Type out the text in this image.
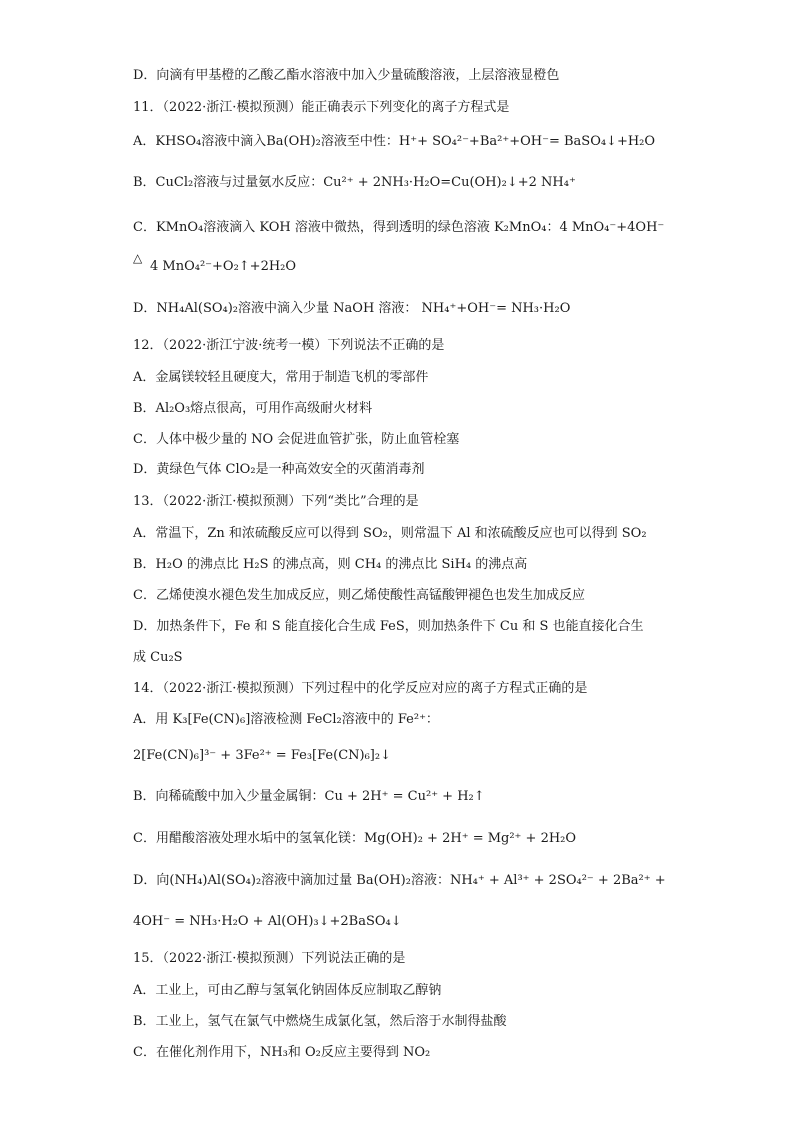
D．向滴有甲基橙的乙酸乙酯水溶液中加入少量硫酸溶液，上层溶液显橙色
11．（2022·浙江·模拟预测）能正确表示下列变化的离子方程式是
A．KHSO₄溶液中滴入Ba(OH)₂溶液至中性：H⁺+ SO₄²⁻+Ba²⁺+OH⁻= BaSO₄↓+H₂O
B．CuCl₂溶液与过量氨水反应：Cu²⁺ + 2NH₃·H₂O=Cu(OH)₂↓+2 NH₄⁺
C．KMnO₄溶液滴入 KOH 溶液中微热，得到透明的绿色溶液 K₂MnO₄：4 MnO₄⁻+4OH⁻
△
4 MnO₄²⁻+O₂↑+2H₂O
D．NH₄Al(SO₄)₂溶液中滴入少量 NaOH 溶液： NH₄⁺+OH⁻= NH₃·H₂O
12．（2022·浙江宁波·统考一模）下列说法不正确的是
A．金属镁较轻且硬度大，常用于制造飞机的零部件
B．Al₂O₃熔点很高，可用作高级耐火材料
C．人体中极少量的 NO 会促进血管扩张，防止血管栓塞
D．黄绿色气体 ClO₂是一种高效安全的灭菌消毒剂
13．（2022·浙江·模拟预测）下列“类比”合理的是
A．常温下，Zn 和浓硫酸反应可以得到 SO₂，则常温下 Al 和浓硫酸反应也可以得到 SO₂
B．H₂O 的沸点比 H₂S 的沸点高，则 CH₄ 的沸点比 SiH₄ 的沸点高
C．乙烯使溴水褪色发生加成反应，则乙烯使酸性高锰酸钾褪色也发生加成反应
D．加热条件下，Fe 和 S 能直接化合生成 FeS，则加热条件下 Cu 和 S 也能直接化合生
成 Cu₂S
14．（2022·浙江·模拟预测）下列过程中的化学反应对应的离子方程式正确的是
A．用 K₃[Fe(CN)₆]溶液检测 FeCl₂溶液中的 Fe²⁺：
2[Fe(CN)₆]³⁻ + 3Fe²⁺ = Fe₃[Fe(CN)₆]₂↓
B．向稀硫酸中加入少量金属铜：Cu + 2H⁺ = Cu²⁺ + H₂↑
C．用醋酸溶液处理水垢中的氢氧化镁：Mg(OH)₂ + 2H⁺ = Mg²⁺ + 2H₂O
D．向(NH₄)Al(SO₄)₂溶液中滴加过量 Ba(OH)₂溶液：NH₄⁺ + Al³⁺ + 2SO₄²⁻ + 2Ba²⁺ +
4OH⁻ = NH₃·H₂O + Al(OH)₃↓+2BaSO₄↓
15．（2022·浙江·模拟预测）下列说法正确的是
A．工业上，可由乙醇与氢氧化钠固体反应制取乙醇钠
B．工业上，氢气在氯气中燃烧生成氯化氢，然后溶于水制得盐酸
C．在催化剂作用下，NH₃和 O₂反应主要得到 NO₂
